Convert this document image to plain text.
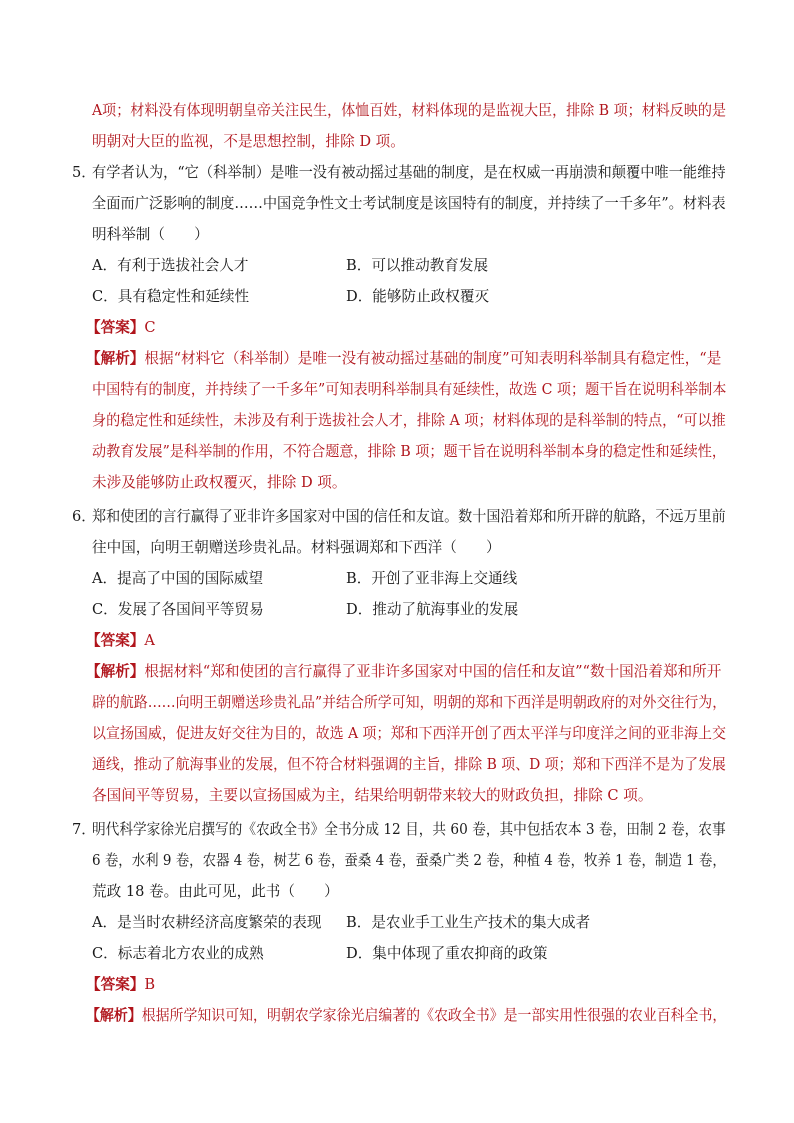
A项；材料没有体现明朝皇帝关注民生，体恤百姓，材料体现的是监视大臣，排除 B 项；材料反映的是
明朝对大臣的监视，不是思想控制，排除 D 项。
5．
有学者认为，“它（科举制）是唯一没有被动摇过基础的制度，是在权威一再崩溃和颠覆中唯一能维持
全面而广泛影响的制度……中国竞争性文士考试制度是该国特有的制度，并持续了一千多年”。材料表
明科举制（　　）
A．有利于选拔社会人才	B．可以推动教育发展
C．具有稳定性和延续性	D．能够防止政权覆灭
【答案】C
【解析】根据“材料它（科举制）是唯一没有被动摇过基础的制度”可知表明科举制具有稳定性，“是
中国特有的制度，并持续了一千多年”可知表明科举制具有延续性，故选 C 项；题干旨在说明科举制本
身的稳定性和延续性，未涉及有利于选拔社会人才，排除 A 项；材料体现的是科举制的特点，“可以推
动教育发展”是科举制的作用，不符合题意，排除 B 项；题干旨在说明科举制本身的稳定性和延续性，
未涉及能够防止政权覆灭，排除 D 项。
6．
郑和使团的言行赢得了亚非许多国家对中国的信任和友谊。数十国沿着郑和所开辟的航路，不远万里前
往中国，向明王朝赠送珍贵礼品。材料强调郑和下西洋（　　）
A．提高了中国的国际威望	B．开创了亚非海上交通线
C．发展了各国间平等贸易	D．推动了航海事业的发展
【答案】A
【解析】根据材料“郑和使团的言行赢得了亚非许多国家对中国的信任和友谊”“数十国沿着郑和所开
辟的航路……向明王朝赠送珍贵礼品”并结合所学可知，明朝的郑和下西洋是明朝政府的对外交往行为，
以宣扬国威，促进友好交往为目的，故选 A 项；郑和下西洋开创了西太平洋与印度洋之间的亚非海上交
通线，推动了航海事业的发展，但不符合材料强调的主旨，排除 B 项、D 项；郑和下西洋不是为了发展
各国间平等贸易，主要以宣扬国威为主，结果给明朝带来较大的财政负担，排除 C 项。
7．
明代科学家徐光启撰写的《农政全书》全书分成 12 目，共 60 卷，其中包括农本 3 卷，田制 2 卷，农事
6 卷，水利 9 卷，农器 4 卷，树艺 6 卷，蚕桑 4 卷，蚕桑广类 2 卷，种植 4 卷，牧养 1 卷，制造 1 卷，
荒政 18 卷。由此可见，此书（　　）
A．是当时农耕经济高度繁荣的表现 B．是农业手工业生产技术的集大成者
C．标志着北方农业的成熟	D．集中体现了重农抑商的政策
【答案】B
【解析】根据所学知识可知，明朝农学家徐光启编著的《农政全书》是一部实用性很强的农业百科全书，
